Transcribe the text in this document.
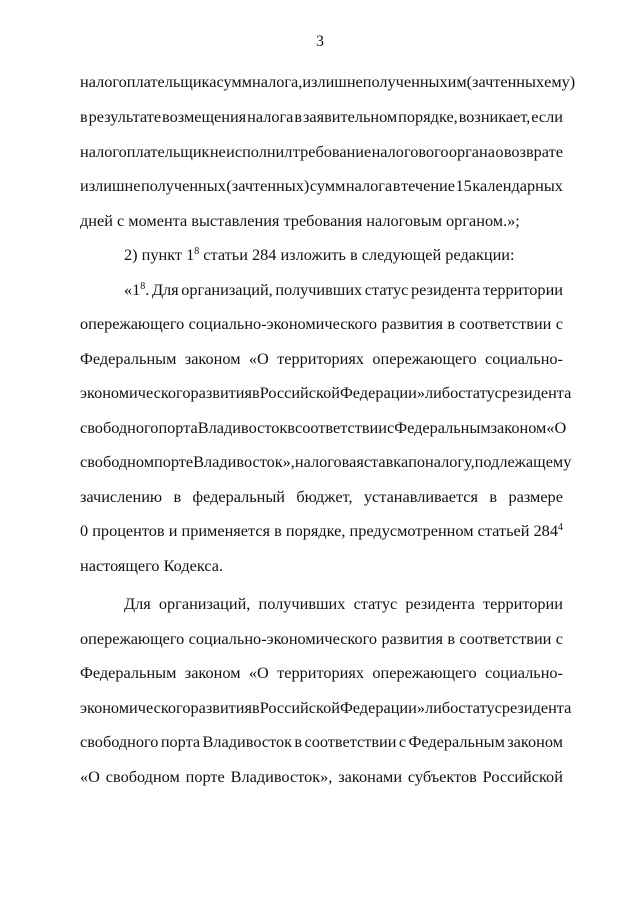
3
налогоплательщика сумм налога, излишне полученных им (зачтенных ему)
в результате возмещения налога в заявительном порядке, возникает, если
налогоплательщик не исполнил требование налогового органа о возврате
излишне полученных (зачтенных) сумм налога в течение 15 календарных
дней с момента выставления требования налоговым органом.»;
2) пункт $1^8$ статьи 284 изложить в следующей редакции:
«$1^8$. Для организаций, получивших статус резидента территории
опережающего социально-экономического развития в соответствии с
Федеральным законом «О территориях опережающего социально-
экономического развития в Российской Федерации» либо статус резидента
свободного порта Владивосток в соответствии с Федеральным законом «О
свободном порте Владивосток», налоговая ставка по налогу, подлежащему
зачислению в федеральный бюджет, устанавливается в размере
0 процентов и применяется в порядке, предусмотренном статьей $284^4$
настоящего Кодекса.
Для организаций, получивших статус резидента территории
опережающего социально-экономического развития в соответствии с
Федеральным законом «О территориях опережающего социально-
экономического развития в Российской Федерации» либо статус резидента
свободного порта Владивосток в соответствии с Федеральным законом
«О свободном порте Владивосток», законами субъектов Российской
